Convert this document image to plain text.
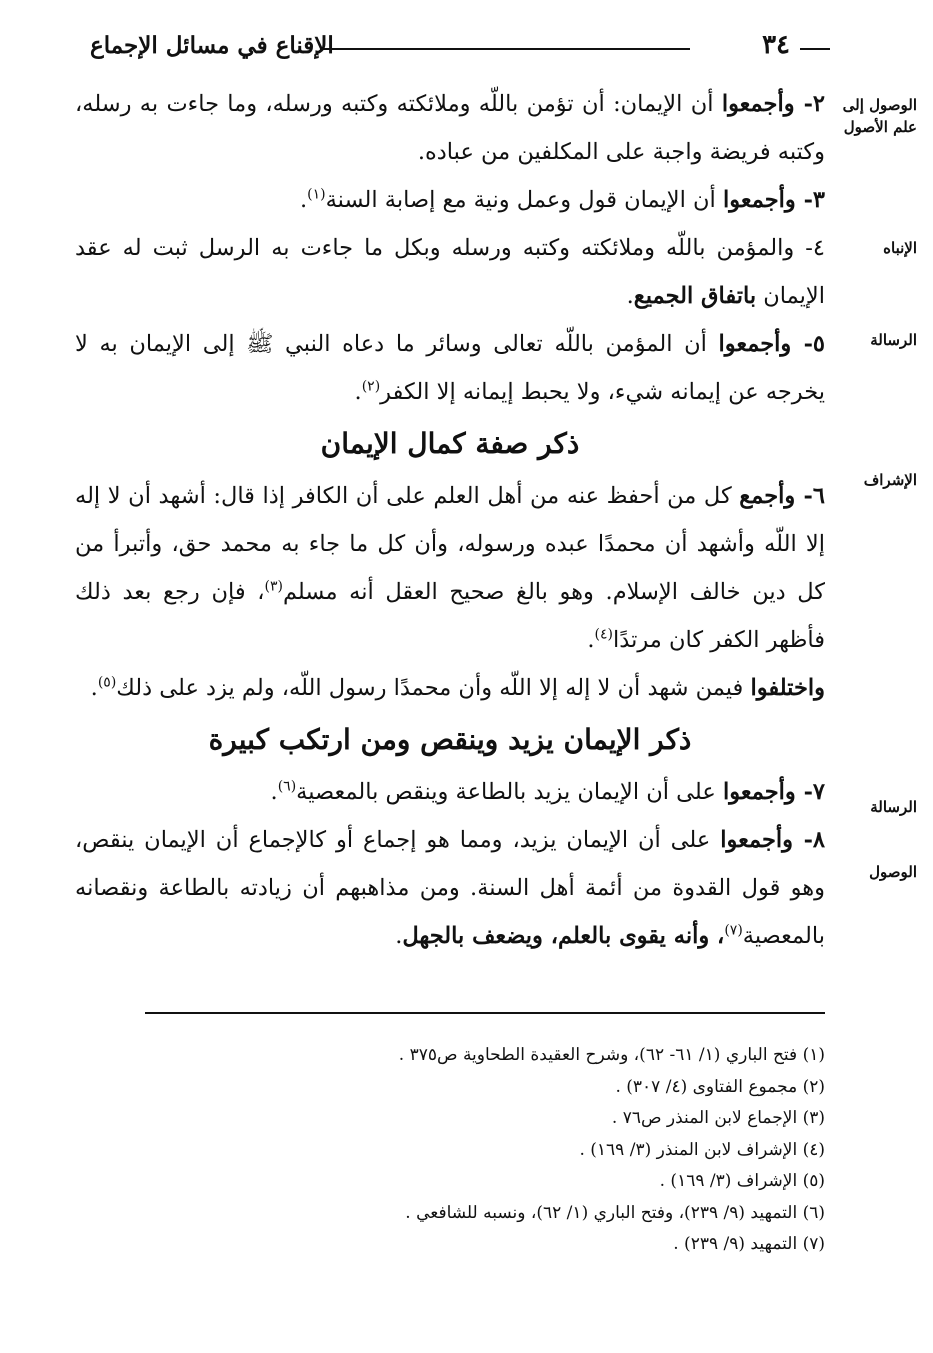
٣٤
الإقناع في مسائل الإجماع
الوصول إلى علم الأصول
الإنباه
الرسالة
الإشراف
الرسالة
الوصول

٢- وأجمعوا أن الإيمان: أن تؤمن باللّه وملائكته وكتبه ورسله، وما جاءت به رسله، وكتبه فريضة واجبة على المكلفين من عباده.

٣- وأجمعوا أن الإيمان قول وعمل ونية مع إصابة السنة$^{(١)}$.

٤- والمؤمن باللّه وملائكته وكتبه ورسله وبكل ما جاءت به الرسل ثبت له عقد الإيمان باتفاق الجميع.

٥- وأجمعوا أن المؤمن باللّه تعالى وسائر ما دعاه النبي ﷺ إلى الإيمان به لا يخرجه عن إيمانه شيء، ولا يحبط إيمانه إلا الكفر$^{(٢)}$.

ذكر صفة كمال الإيمان

٦- وأجمع كل من أحفظ عنه من أهل العلم على أن الكافر إذا قال: أشهد أن لا إله إلا اللّه وأشهد أن محمدًا عبده ورسوله، وأن كل ما جاء به محمد حق، وأتبرأ من كل دين خالف الإسلام. وهو بالغ صحيح العقل أنه مسلم$^{(٣)}$، فإن رجع بعد ذلك فأظهر الكفر كان مرتدًا$^{(٤)}$.

واختلفوا فيمن شهد أن لا إله إلا اللّه وأن محمدًا رسول اللّه، ولم يزد على ذلك$^{(٥)}$.

ذكر الإيمان يزيد وينقص ومن ارتكب كبيرة

٧- وأجمعوا على أن الإيمان يزيد بالطاعة وينقص بالمعصية$^{(٦)}$.

٨- وأجمعوا على أن الإيمان يزيد، ومما هو إجماع أو كالإجماع أن الإيمان ينقص، وهو قول القدوة من أئمة أهل السنة. ومن مذاهبهم أن زيادته بالطاعة ونقصانه بالمعصية$^{(٧)}$، وأنه يقوى بالعلم، ويضعف بالجهل.

(١) فتح الباري (١/ ٦١- ٦٢)، وشرح العقيدة الطحاوية ص٣٧٥ .

(٢) مجموع الفتاوى (٤/ ٣٠٧) .

(٣) الإجماع لابن المنذر ص٧٦ .

(٤) الإشراف لابن المنذر (٣/ ١٦٩) .

(٥) الإشراف (٣/ ١٦٩) .

(٦) التمهيد (٩/ ٢٣٩)، وفتح الباري (١/ ٦٢)، ونسبه للشافعي .

(٧) التمهيد (٩/ ٢٣٩) .
